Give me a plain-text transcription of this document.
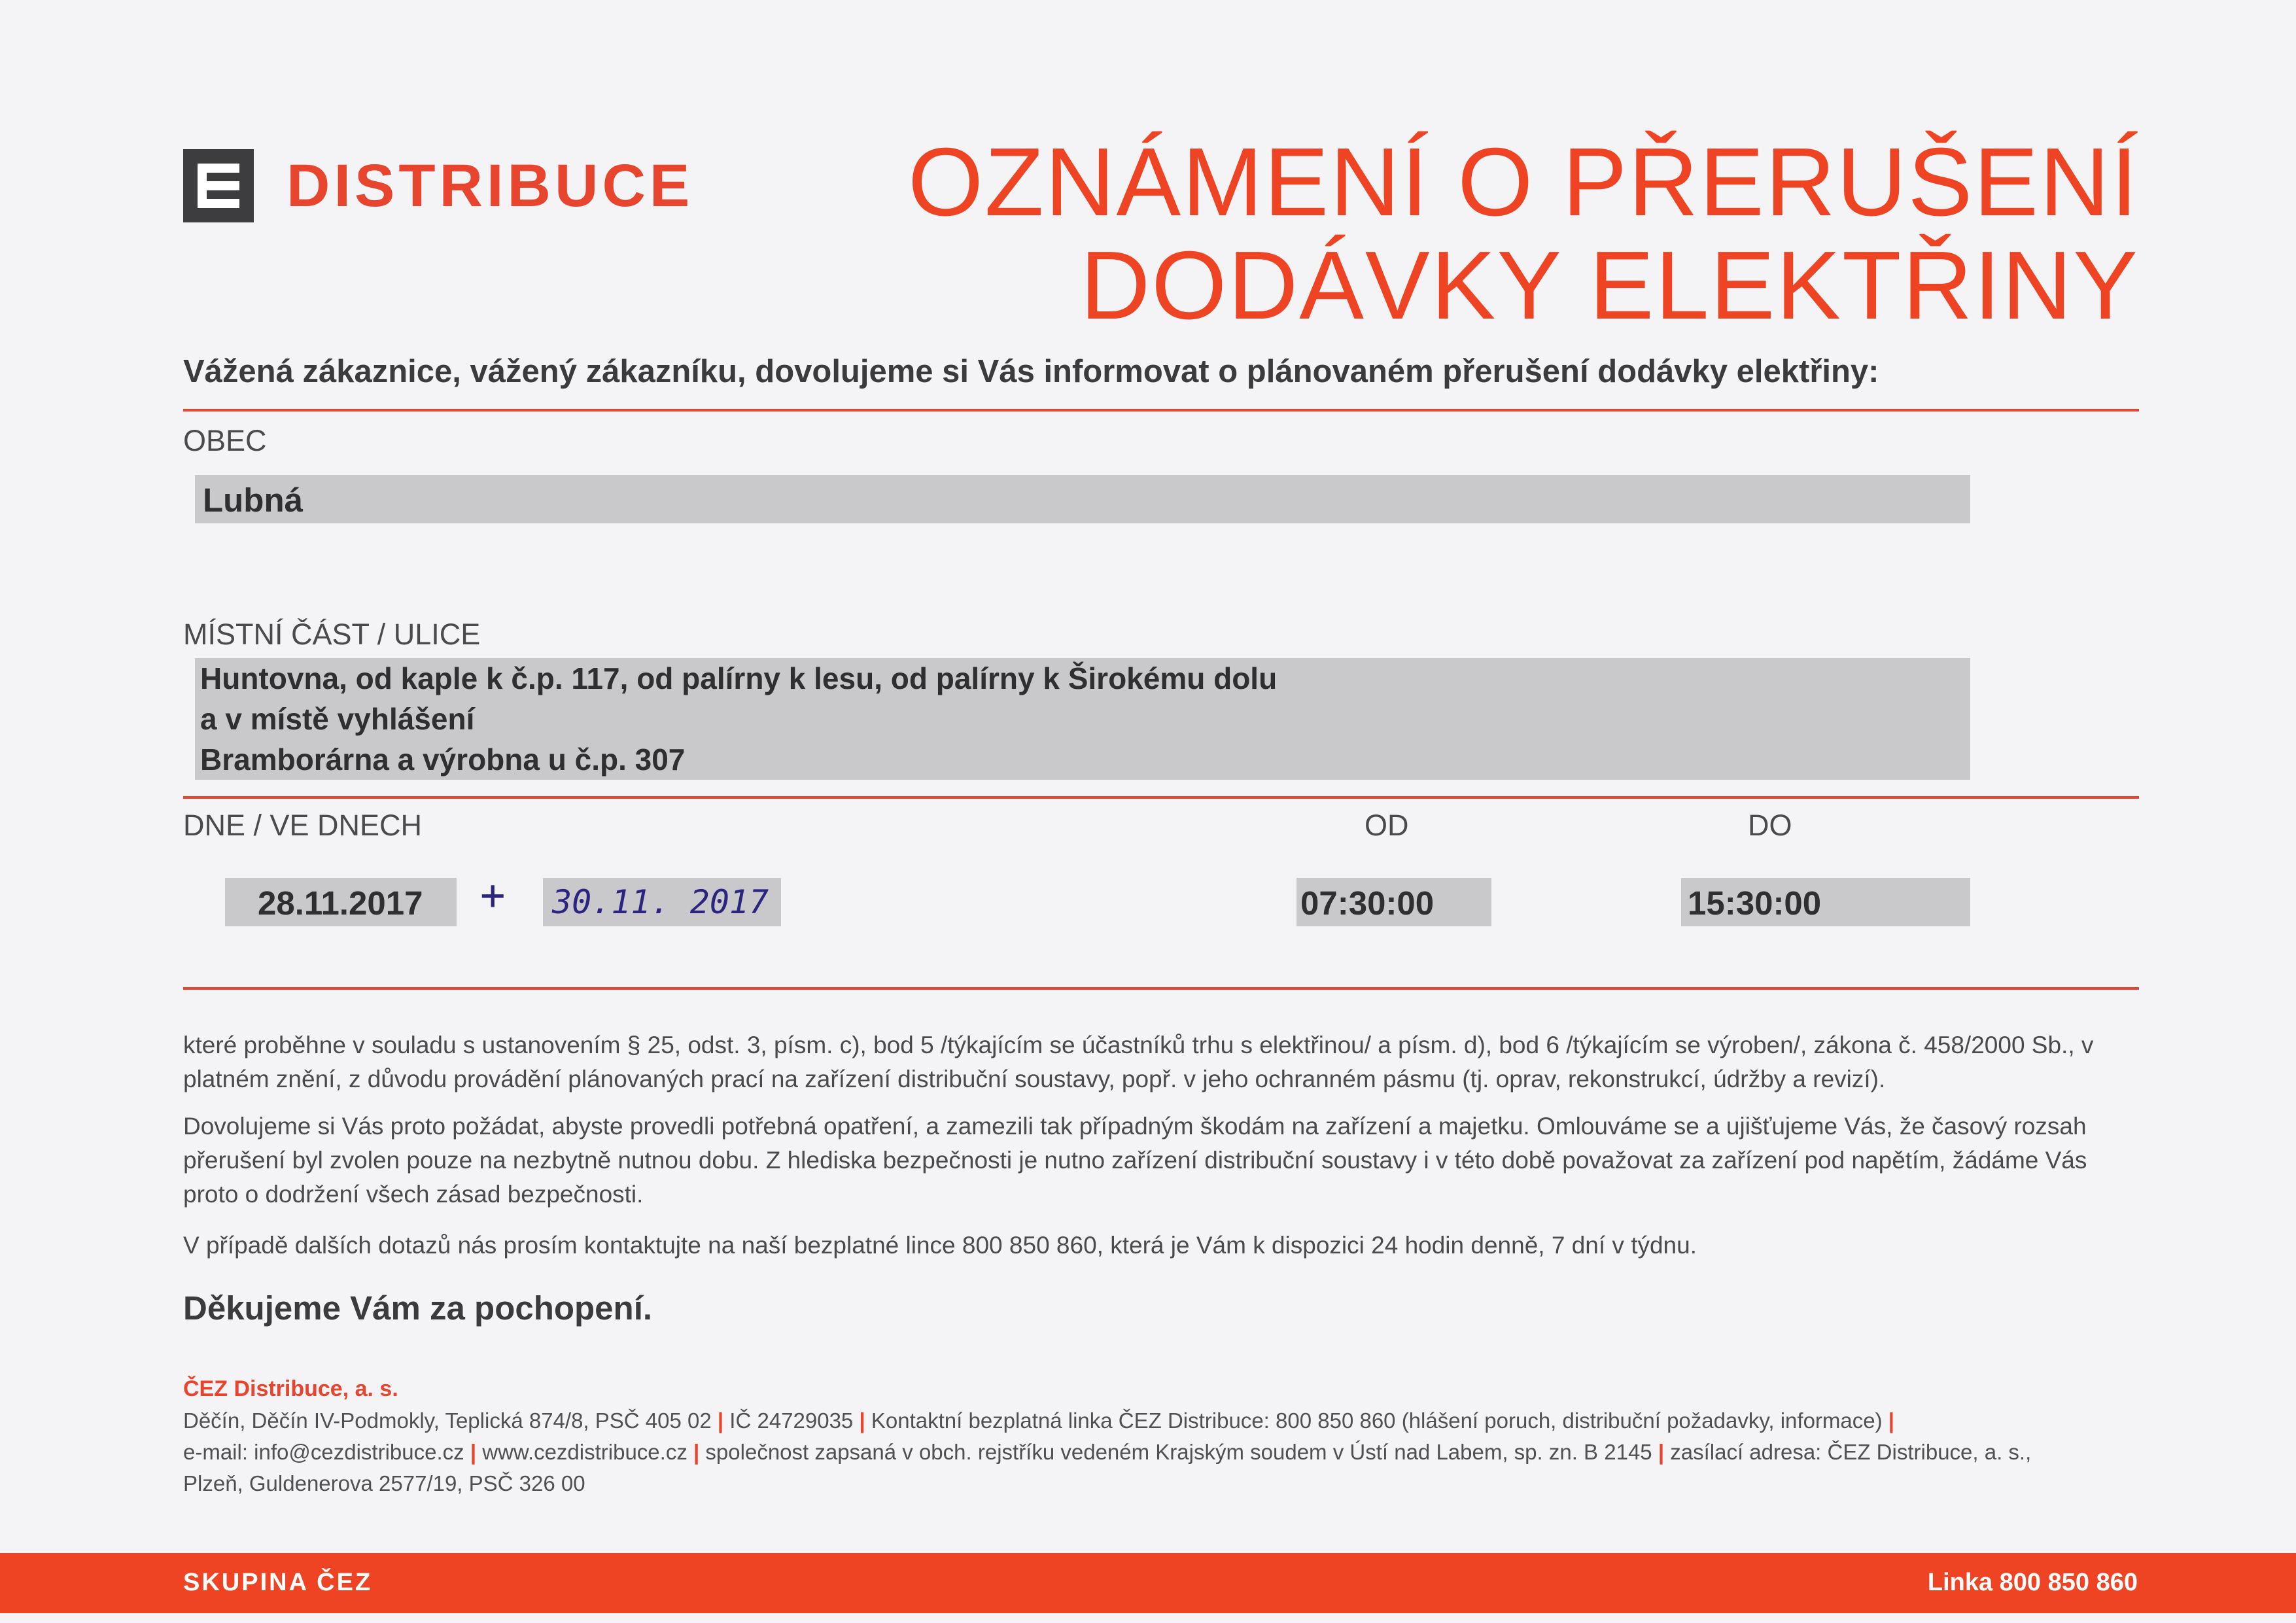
DISTRIBUCE OZNÁMENÍ O PŘERUŠENÍ
DODÁVKY ELEKTŘINY
Vážená zákaznice, vážený zákazníku, dovolujeme si Vás informovat o plánovaném přerušení dodávky elektřiny:
OBEC
Lubná
MÍSTNÍ ČÁST / ULICE
Huntovna, od kaple k č.p. 117, od palírny k lesu, od palírny k Širokému dolu
a v místě vyhlášení
Bramborárna a výrobna u č.p. 307
DNE / VE DNECH	OD	DO
28.11.2017 + 30.11. 2017	07:30:00	15:30:00
které proběhne v souladu s ustanovením § 25, odst. 3, písm. c), bod 5 /týkajícím se účastníků trhu s elektřinou/ a písm. d), bod 6 /týkajícím se výroben/, zákona č. 458/2000 Sb., v platném znění, z důvodu provádění plánovaných prací na zařízení distribuční soustavy, popř. v jeho ochranném pásmu (tj. oprav, rekonstrukcí, údržby a revizí).
Dovolujeme si Vás proto požádat, abyste provedli potřebná opatření, a zamezili tak případným škodám na zařízení a majetku. Omlouváme se a ujišťujeme Vás, že časový rozsah přerušení byl zvolen pouze na nezbytně nutnou dobu. Z hlediska bezpečnosti je nutno zařízení distribuční soustavy i v této době považovat za zařízení pod napětím, žádáme Vás proto o dodržení všech zásad bezpečnosti.
V případě dalších dotazů nás prosím kontaktujte na naší bezplatné lince 800 850 860, která je Vám k dispozici 24 hodin denně, 7 dní v týdnu.
Děkujeme Vám za pochopení.
ČEZ Distribuce, a. s.
Děčín, Děčín IV-Podmokly, Teplická 874/8, PSČ 405 02 | IČ 24729035 | Kontaktní bezplatná linka ČEZ Distribuce: 800 850 860 (hlášení poruch, distribuční požadavky, informace) |
e-mail: info@cezdistribuce.cz | www.cezdistribuce.cz | společnost zapsaná v obch. rejstříku vedeném Krajským soudem v Ústí nad Labem, sp. zn. B 2145 | zasílací adresa: ČEZ Distribuce, a. s.,
Plzeň, Guldenerova 2577/19, PSČ 326 00
SKUPINA ČEZ	Linka 800 850 860
